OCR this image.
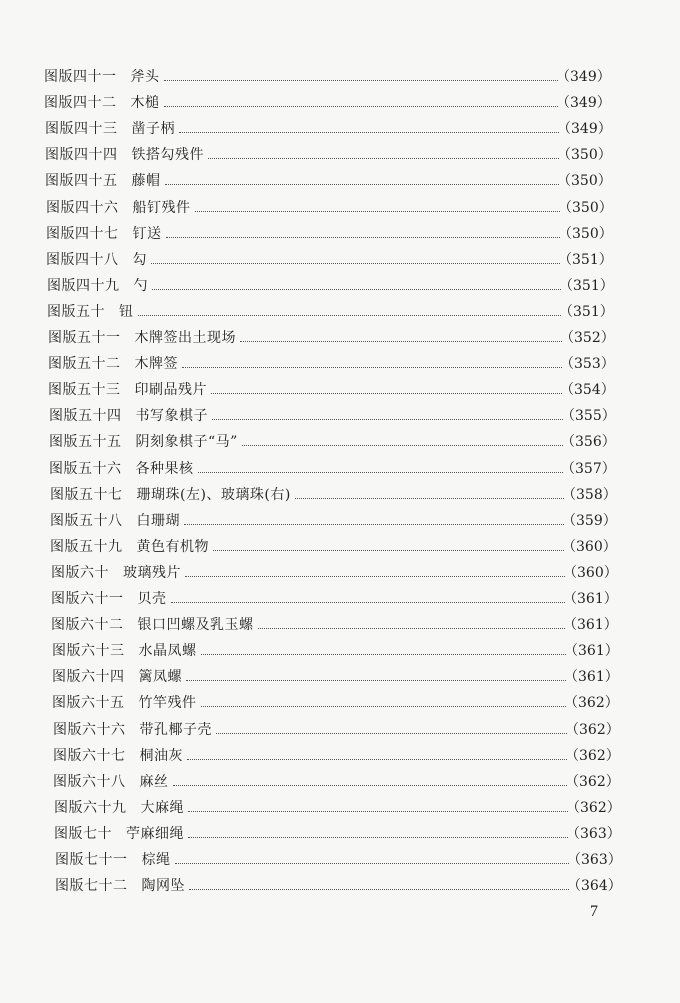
图版四十一 斧头	（349）
图版四十二 木槌	（349）
图版四十三 凿子柄	（349）
图版四十四 铁搭勾残件	（350）
图版四十五 藤帽	（350）
图版四十六 船钉残件	（350）
图版四十七 钉送	（350）
图版四十八 勾	（351）
图版四十九 勺	（351）
图版五十 钮	（351）
图版五十一 木牌签出土现场	（352）
图版五十二 木牌签	（353）
图版五十三 印刷品残片	（354）
图版五十四 书写象棋子	（355）
图版五十五 阴刻象棋子“马”	（356）
图版五十六 各种果核	（357）
图版五十七 珊瑚珠(左)、玻璃珠(右)	（358）
图版五十八 白珊瑚	（359）
图版五十九 黄色有机物	（360）
图版六十 玻璃残片	（360）
图版六十一 贝壳	（361）
图版六十二 银口凹螺及乳玉螺	（361）
图版六十三 水晶凤螺	（361）
图版六十四 篱凤螺	（361）
图版六十五 竹竿残件	（362）
图版六十六 带孔椰子壳	（362）
图版六十七 桐油灰	（362）
图版六十八 麻丝	（362）
图版六十九 大麻绳	（362）
图版七十 苧麻细绳	（363）
图版七十一 棕绳	（363）
图版七十二 陶网坠	（364）
7
